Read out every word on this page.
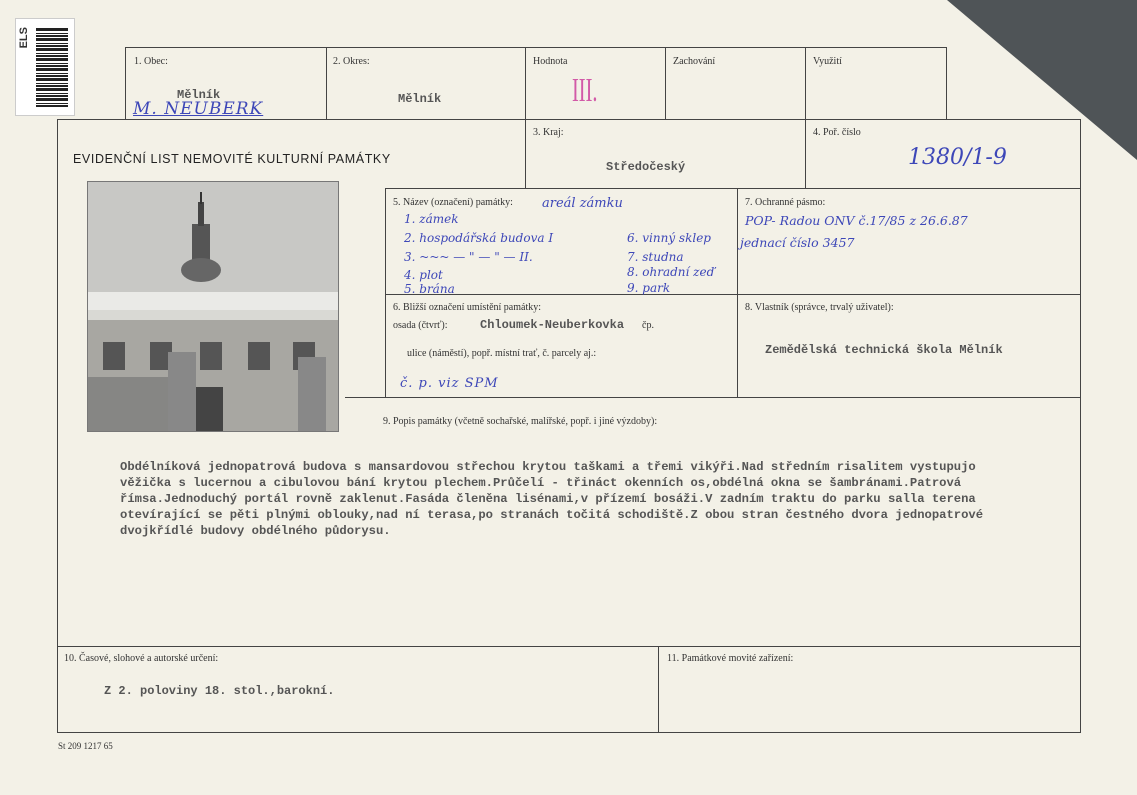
ELS
1. Obec:
Mělník
M. NEUBERK
2. Okres:
Mělník
Hodnota
III.
Zachování	Využití
EVIDENČNÍ LIST NEMOVITÉ KULTURNÍ PAMÁTKY
3. Kraj:
Středočeský
4. Poř. číslo
1380/1-9
5. Název (označení) památky: areál zámku
1. zámek
2. hospodářská budova I
3. ~~~ — " — " — II.
4. plot
5. brána
6. vinný sklep
7. studna
8. ohradní zeď
9. park
7. Ochranné pásmo:
POP- Radou ONV č.17/85 z 26.6.87
jednací číslo 3457
6. Bližší označení umístění památky:
osada (čtvrť):	Chloumek-Neuberkovka čp.
ulice (náměstí), popř. místní trať, č. parcely aj.:
č. p. viz SPM
8. Vlastník (správce, trvalý uživatel):
Zemědělská technická škola Mělník
9. Popis památky (včetně sochařské, malířské, popř. i jiné výzdoby):
Obdélníková jednopatrová budova s mansardovou střechou krytou taškami a třemi vikýři.Nad středním risalitem vystupujo
věžička s lucernou a cibulovou bání krytou plechem.Průčelí - třináct okenních os,obdélná okna se šambránami.Patrová
římsa.Jednoduchý portál rovně zaklenut.Fasáda členěna lisénami,v přízemí bosáži.V zadním traktu do parku salla terena
otevírající se pěti plnými oblouky,nad ní terasa,po stranách točitá schodiště.Z obou stran čestného dvora jednopatrové
dvojkřídlé budovy obdélného půdorysu.
10. Časové, slohové a autorské určení:
Z 2. poloviny 18. stol.,barokní.
11. Památkové movité zařízení:
St 209 1217 65
